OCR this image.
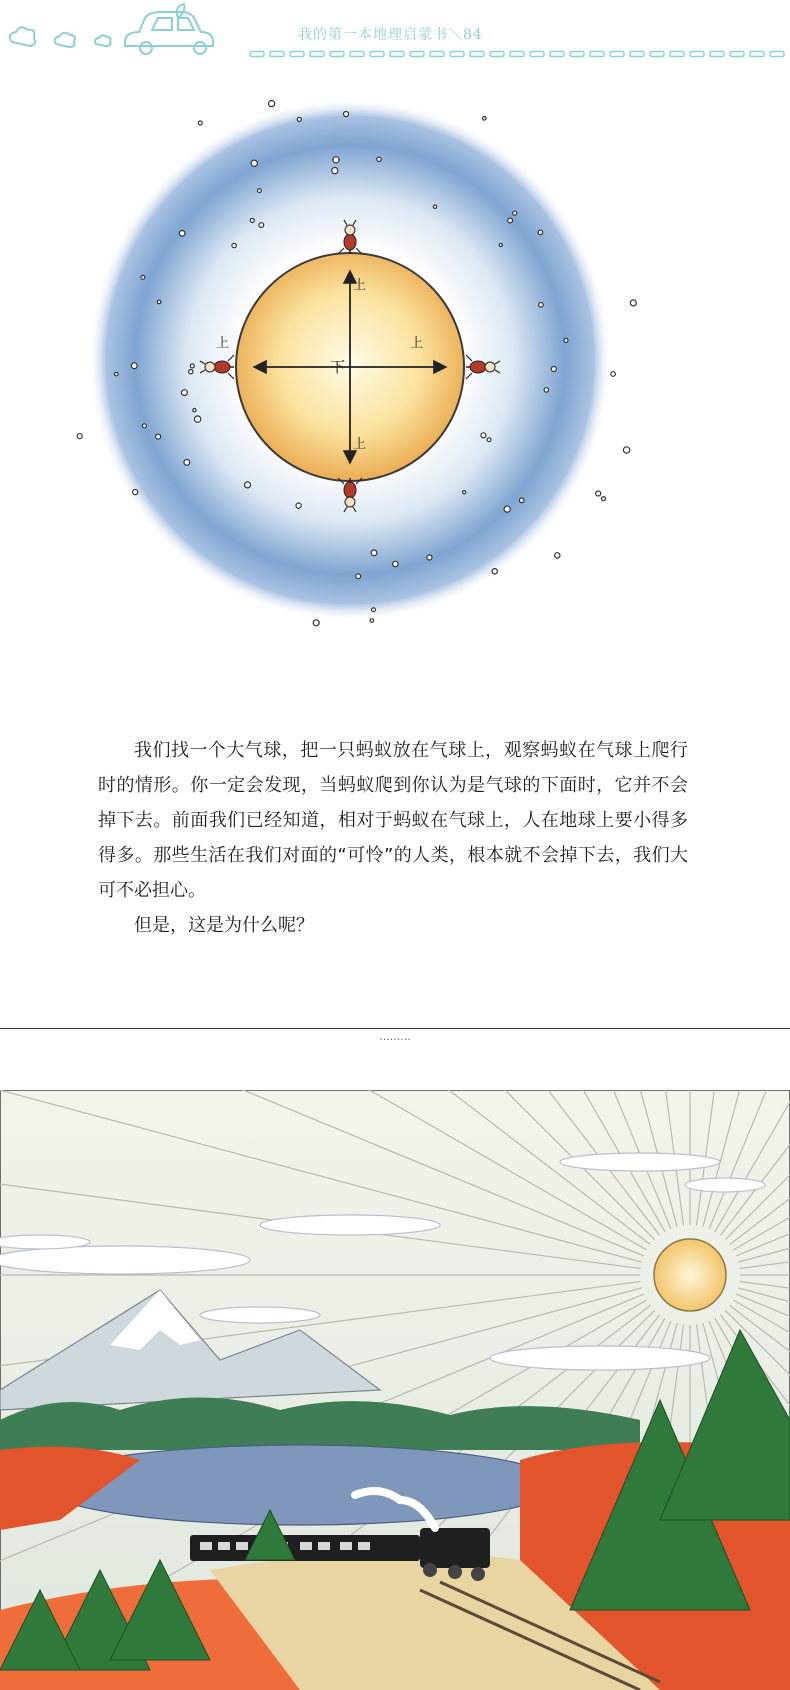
我的第一本地理启蒙书＼84
上
上	上
上
下

我们找一个大气球，把一只蚂蚁放在气球上，观察蚂蚁在气球上爬行时的情形。你一定会发现，当蚂蚁爬到你认为是气球的下面时，它并不会掉下去。前面我们已经知道，相对于蚂蚁在气球上，人在地球上要小得多得多。那些生活在我们对面的“可怜”的人类，根本就不会掉下去，我们大可不必担心。

但是，这是为什么呢？

.........
